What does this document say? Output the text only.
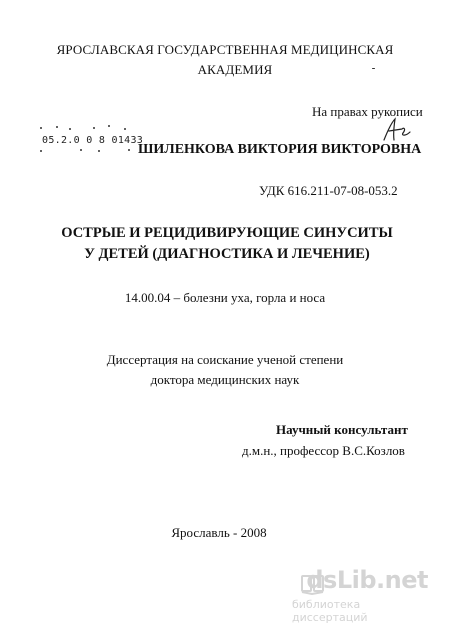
ЯРОСЛАВСКАЯ ГОСУДАРСТВЕННАЯ МЕДИЦИНСКАЯ
АКАДЕМИЯ
На правах рукописи
05.2.0 0 8 01433
ШИЛЕНКОВА ВИКТОРИЯ ВИКТОРОВНА
УДК 616.211-07-08-053.2
ОСТРЫЕ И РЕЦИДИВИРУЮЩИЕ СИНУСИТЫ
У ДЕТЕЙ (ДИАГНОСТИКА И ЛЕЧЕНИЕ)
14.00.04 – болезни уха, горла и носа
Диссертация на соискание ученой степени
доктора медицинских наук
Научный консультант
д.м.н., профессор В.С.Козлов
Ярославль - 2008
dsLib.net
библиотека диссертаций
